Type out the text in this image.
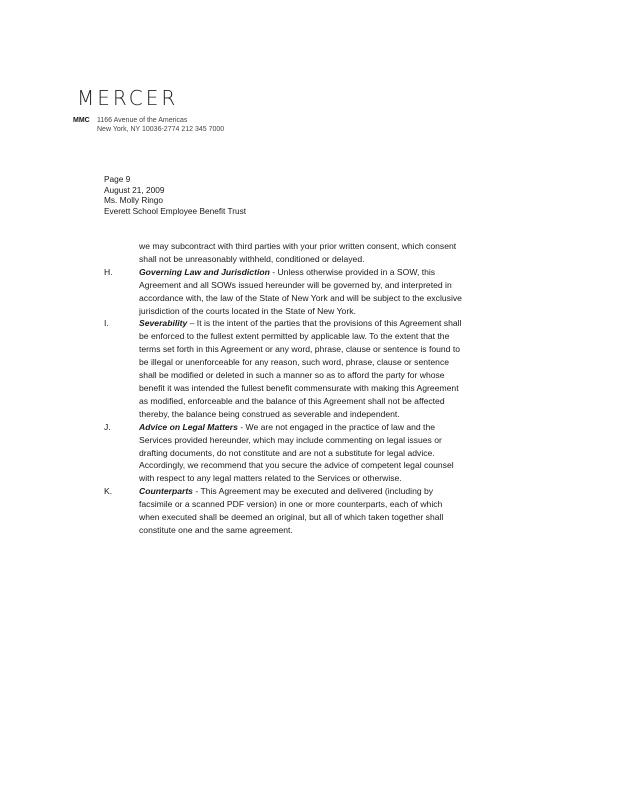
MERCER
MMC	1166 Avenue of the Americas
New York, NY 10036-2774 212 345 7000
Page 9
August 21, 2009
Ms. Molly Ringo
Everett School Employee Benefit Trust
we may subcontract with third parties with your prior written consent, which consent
shall not be unreasonably withheld, conditioned or delayed.
H.	Governing Law and Jurisdiction - Unless otherwise provided in a SOW, this
Agreement and all SOWs issued hereunder will be governed by, and interpreted in
accordance with, the law of the State of New York and will be subject to the exclusive
jurisdiction of the courts located in the State of New York.
I.	Severability – It is the intent of the parties that the provisions of this Agreement shall
be enforced to the fullest extent permitted by applicable law. To the extent that the
terms set forth in this Agreement or any word, phrase, clause or sentence is found to
be illegal or unenforceable for any reason, such word, phrase, clause or sentence
shall be modified or deleted in such a manner so as to afford the party for whose
benefit it was intended the fullest benefit commensurate with making this Agreement
as modified, enforceable and the balance of this Agreement shall not be affected
thereby, the balance being construed as severable and independent.
J.	Advice on Legal Matters - We are not engaged in the practice of law and the
Services provided hereunder, which may include commenting on legal issues or
drafting documents, do not constitute and are not a substitute for legal advice.
Accordingly, we recommend that you secure the advice of competent legal counsel
with respect to any legal matters related to the Services or otherwise.
K.	Counterparts - This Agreement may be executed and delivered (including by
facsimile or a scanned PDF version) in one or more counterparts, each of which
when executed shall be deemed an original, but all of which taken together shall
constitute one and the same agreement.
